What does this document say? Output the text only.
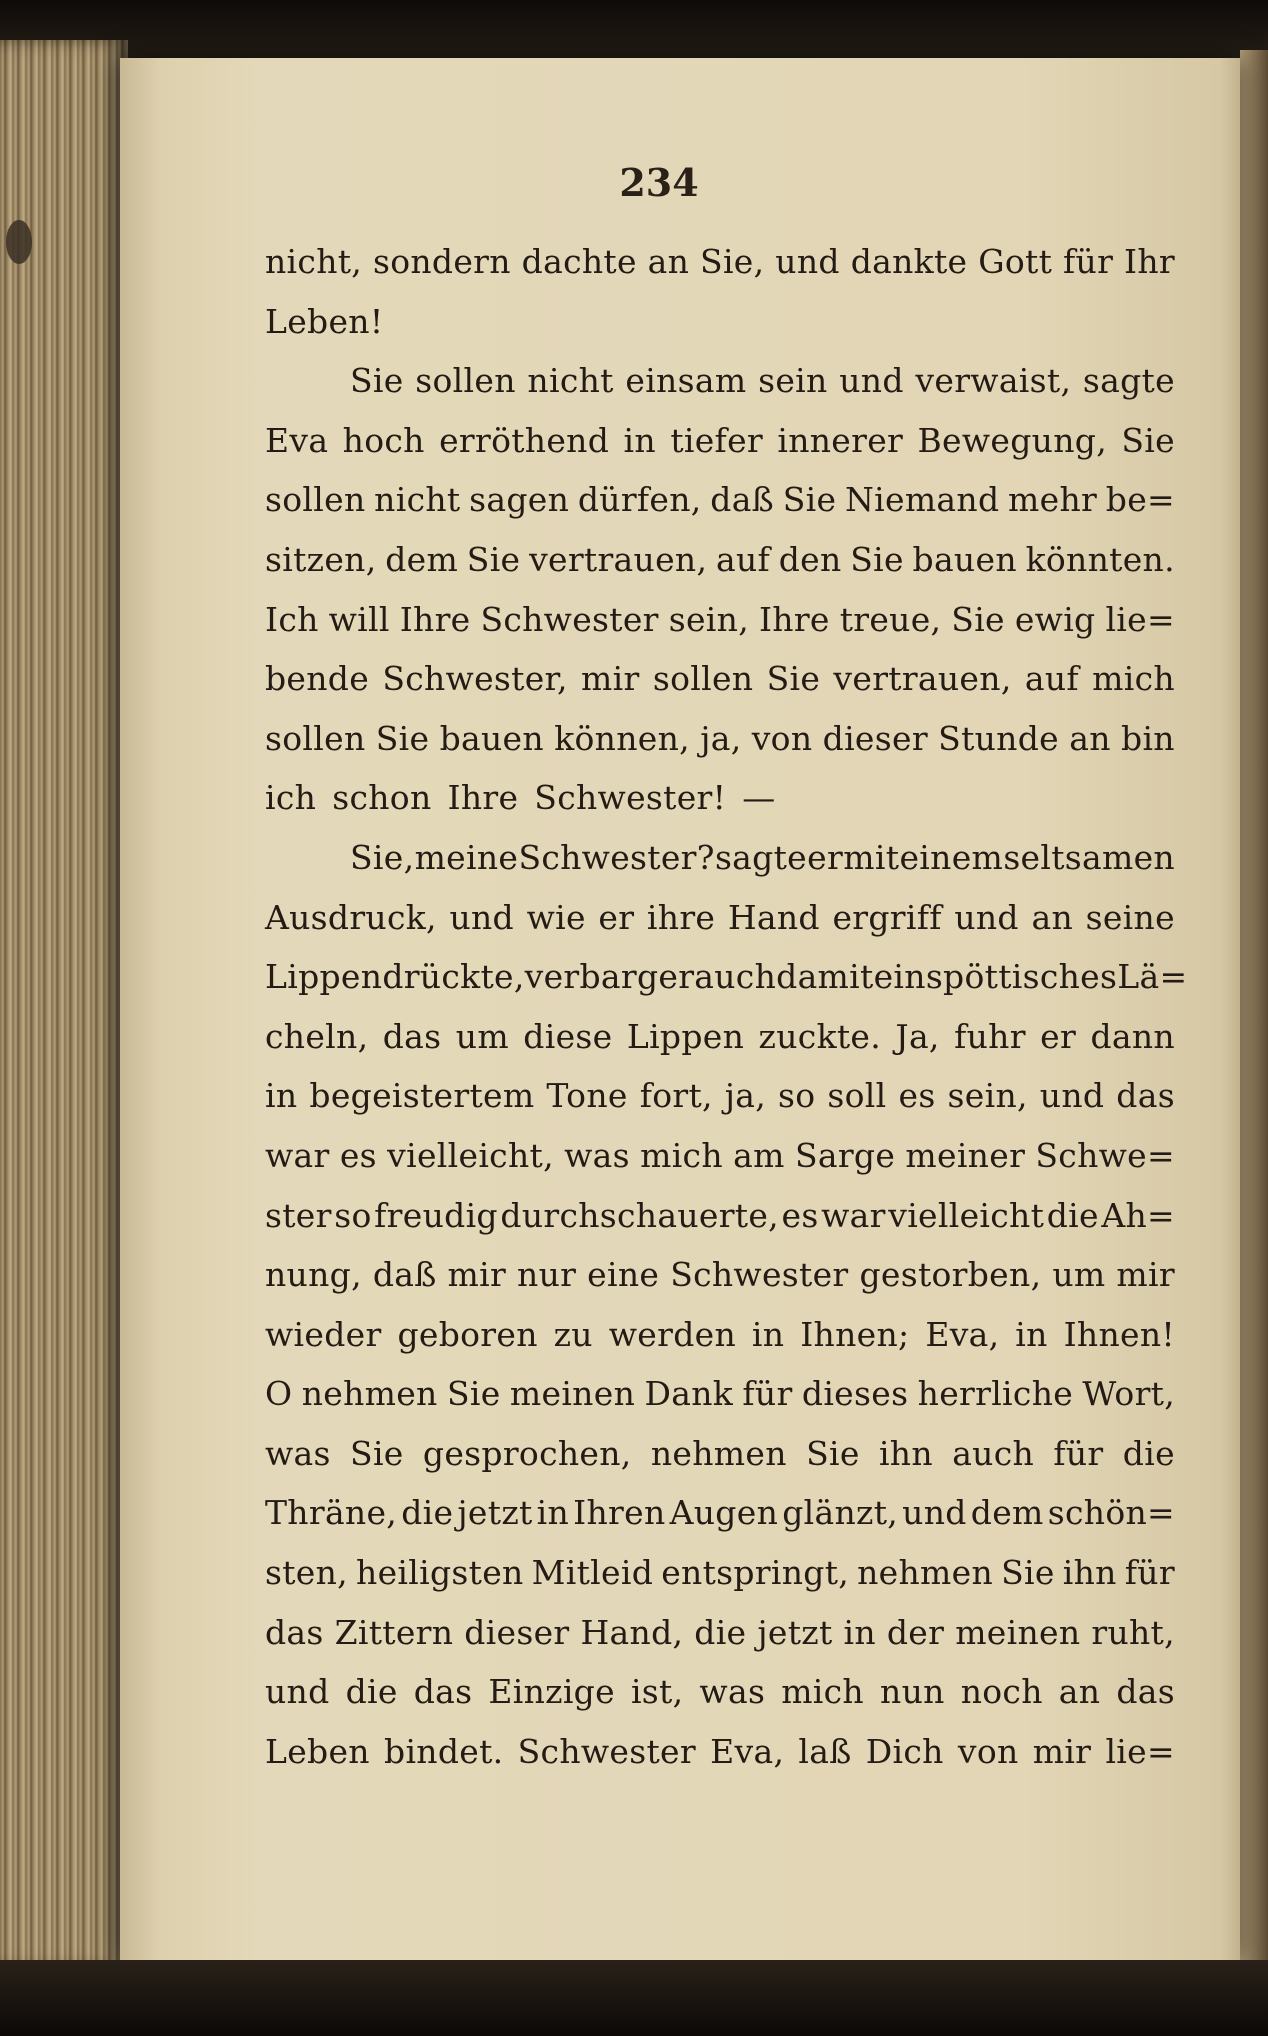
234
nicht, sondern dachte an Sie, und dankte Gott für Ihr
Leben!
Sie sollen nicht einsam sein und verwaist, sagte
Eva hoch erröthend in tiefer innerer Bewegung, Sie
sollen nicht sagen dürfen, daß Sie Niemand mehr be=
sitzen, dem Sie vertrauen, auf den Sie bauen könnten.
Ich will Ihre Schwester sein, Ihre treue, Sie ewig lie=
bende Schwester, mir sollen Sie vertrauen, auf mich
sollen Sie bauen können, ja, von dieser Stunde an bin
ich schon Ihre Schwester! —
Sie, meine Schwester? sagte er mit einem seltsamen
Ausdruck, und wie er ihre Hand ergriff und an seine
Lippen drückte, verbarg er auch damit ein spöttisches Lä=
cheln, das um diese Lippen zuckte. Ja, fuhr er dann
in begeistertem Tone fort, ja, so soll es sein, und das
war es vielleicht, was mich am Sarge meiner Schwe=
ster so freudig durchschauerte, es war vielleicht die Ah=
nung, daß mir nur eine Schwester gestorben, um mir
wieder geboren zu werden in Ihnen; Eva, in Ihnen!
O nehmen Sie meinen Dank für dieses herrliche Wort,
was Sie gesprochen, nehmen Sie ihn auch für die
Thräne, die jetzt in Ihren Augen glänzt, und dem schön=
sten, heiligsten Mitleid entspringt, nehmen Sie ihn für
das Zittern dieser Hand, die jetzt in der meinen ruht,
und die das Einzige ist, was mich nun noch an das
Leben bindet. Schwester Eva, laß Dich von mir lie=
